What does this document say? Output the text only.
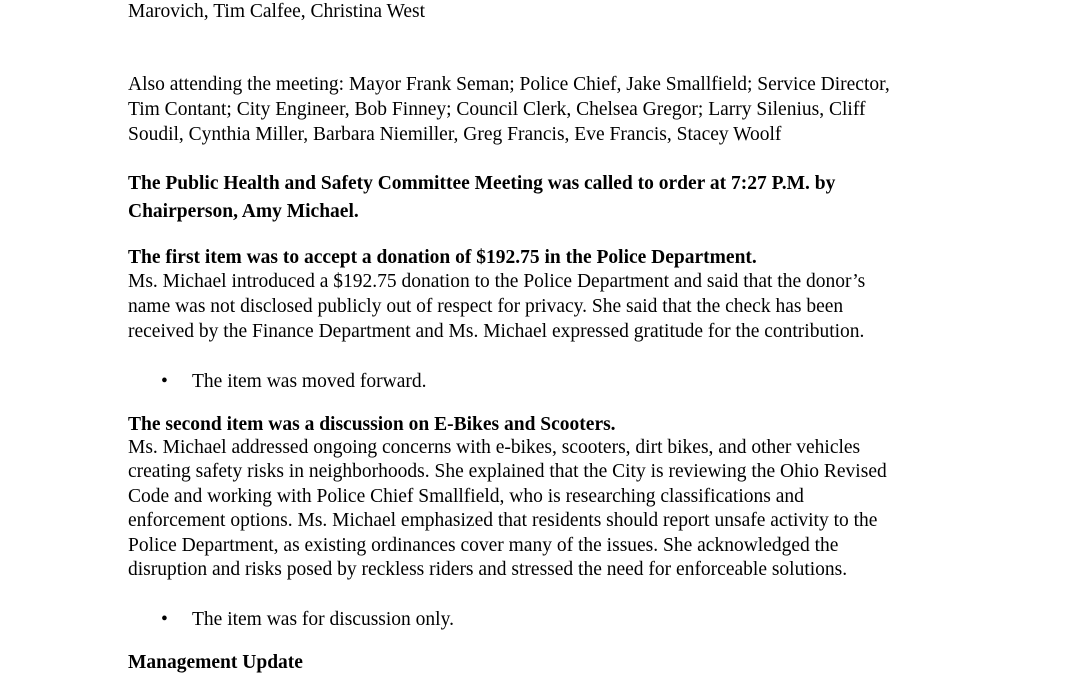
Marovich, Tim Calfee, Christina West
Also attending the meeting: Mayor Frank Seman; Police Chief, Jake Smallfield; Service Director,
Tim Contant; City Engineer, Bob Finney; Council Clerk, Chelsea Gregor; Larry Silenius, Cliff
Soudil, Cynthia Miller, Barbara Niemiller, Greg Francis, Eve Francis, Stacey Woolf
The Public Health and Safety Committee Meeting was called to order at 7:27 P.M. by
Chairperson, Amy Michael.
The first item was to accept a donation of $192.75 in the Police Department.
Ms. Michael introduced a $192.75 donation to the Police Department and said that the donor’s
name was not disclosed publicly out of respect for privacy. She said that the check has been
received by the Finance Department and Ms. Michael expressed gratitude for the contribution.
• The item was moved forward.
The second item was a discussion on E-Bikes and Scooters.
Ms. Michael addressed ongoing concerns with e-bikes, scooters, dirt bikes, and other vehicles
creating safety risks in neighborhoods. She explained that the City is reviewing the Ohio Revised
Code and working with Police Chief Smallfield, who is researching classifications and
enforcement options. Ms. Michael emphasized that residents should report unsafe activity to the
Police Department, as existing ordinances cover many of the issues. She acknowledged the
disruption and risks posed by reckless riders and stressed the need for enforceable solutions.
• The item was for discussion only.
Management Update
